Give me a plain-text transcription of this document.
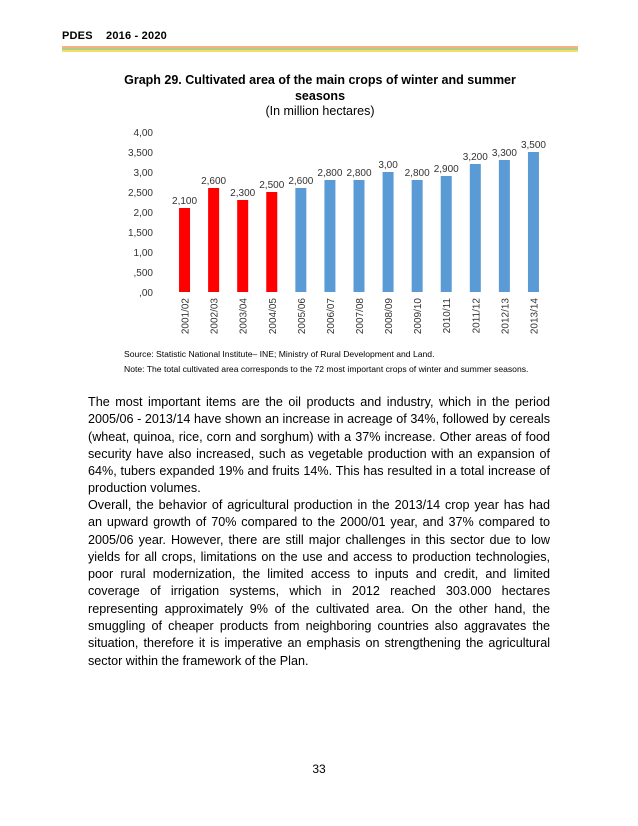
PDES 2016 - 2020
Graph 29. Cultivated area of the main crops of winter and summer seasons
(In million hectares)
,00
,500
1,00
1,500
2,00
2,500
3,00
3,500
4,00
2,100
2001/02
2,600
2002/03
2,300
2003/04
2,500
2004/05
2,600
2005/06
2,800
2006/07
2,800
2007/08
3,00
2008/09
2,800
2009/10
2,900
2010/11
3,200
2011/12
3,300
2012/13
3,500
2013/14
Source: Statistic National Institute– INE; Ministry of Rural Development and Land.
Note: The total cultivated area corresponds to the 72 most important crops of winter and summer seasons.

The most important items are the oil products and industry, which in the period 2005/06 - 2013/14 have shown an increase in acreage of 34%, followed by cereals (wheat, quinoa, rice, corn and sorghum) with a 37% increase. Other areas of food security have also increased, such as vegetable production with an expansion of 64%, tubers expanded 19% and fruits 14%. This has resulted in a total increase of production volumes.

Overall, the behavior of agricultural production in the 2013/14 crop year has had an upward growth of 70% compared to the 2000/01 year, and 37% compared to 2005/06 year. However, there are still major challenges in this sector due to low yields for all crops, limitations on the use and access to production technologies, poor rural modernization, the limited access to inputs and credit, and limited coverage of irrigation systems, which in 2012 reached 303.000 hectares representing approximately 9% of the cultivated area. On the other hand, the smuggling of cheaper products from neighboring countries also aggravates the situation, therefore it is imperative an emphasis on strengthening the agricultural sector within the framework of the Plan.

33
